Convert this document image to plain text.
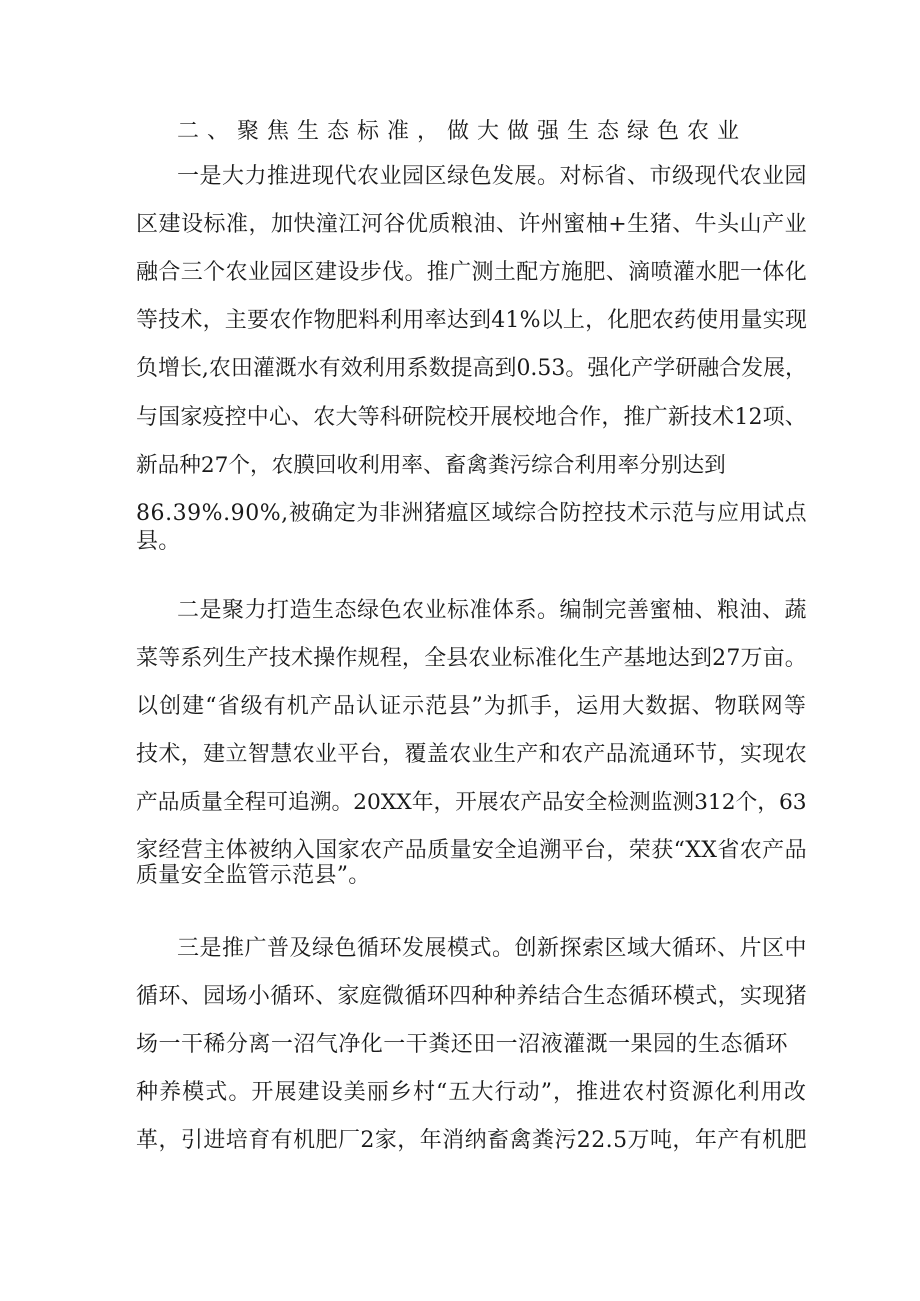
二、聚焦生态标准，做大做强生态绿色农业
一是大力推进现代农业园区绿色发展。对标省、市级现代农业园
区建设标准，加快潼江河谷优质粮油、许州蜜柚+生猪、牛头山产业
融合三个农业园区建设步伐。推广测土配方施肥、滴喷灌水肥一体化
等技术，主要农作物肥料利用率达到41%以上，化肥农药使用量实现
负增长,农田灌溉水有效利用系数提高到0.53。强化产学研融合发展，
与国家疫控中心、农大等科研院校开展校地合作，推广新技术12项、
新品种27个，农膜回收利用率、畜禽粪污综合利用率分别达到
86.39%.90%,被确定为非洲猪瘟区域综合防控技术示范与应用试点
县。
二是聚力打造生态绿色农业标准体系。编制完善蜜柚、粮油、蔬
菜等系列生产技术操作规程，全县农业标准化生产基地达到27万亩。
以创建“省级有机产品认证示范县”为抓手，运用大数据、物联网等
技术，建立智慧农业平台，覆盖农业生产和农产品流通环节，实现农
产品质量全程可追溯。20XX年，开展农产品安全检测监测312个，63
家经营主体被纳入国家农产品质量安全追溯平台，荣获“XX省农产品
质量安全监管示范县”。
三是推广普及绿色循环发展模式。创新探索区域大循环、片区中
循环、园场小循环、家庭微循环四种种养结合生态循环模式，实现猪
场一干稀分离一沼气净化一干粪还田一沼液灌溉一果园的生态循环
种养模式。开展建设美丽乡村“五大行动”，推进农村资源化利用改
革，引进培育有机肥厂2家，年消纳畜禽粪污22.5万吨，年产有机肥
